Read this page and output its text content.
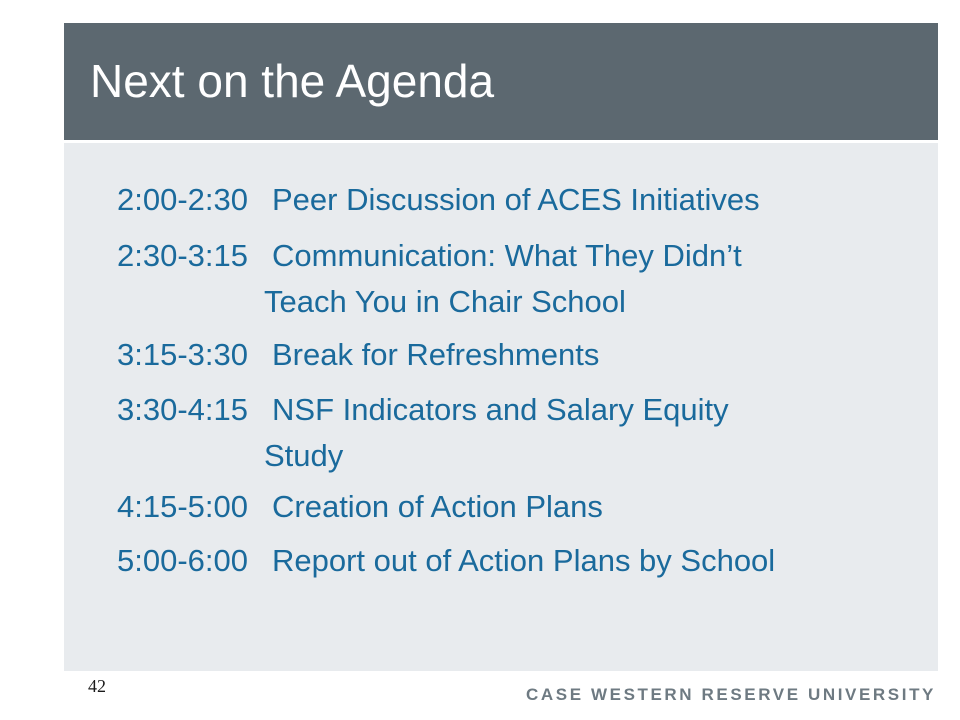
Next on the Agenda
2:00-2:30 Peer Discussion of ACES Initiatives
2:30-3:15 Communication: What They Didn’t
Teach You in Chair School
3:15-3:30 Break for Refreshments
3:30-4:15 NSF Indicators and Salary Equity
Study
4:15-5:00 Creation of Action Plans
5:00-6:00 Report out of Action Plans by School
42	CASE WESTERN RESERVE UNIVERSITY
